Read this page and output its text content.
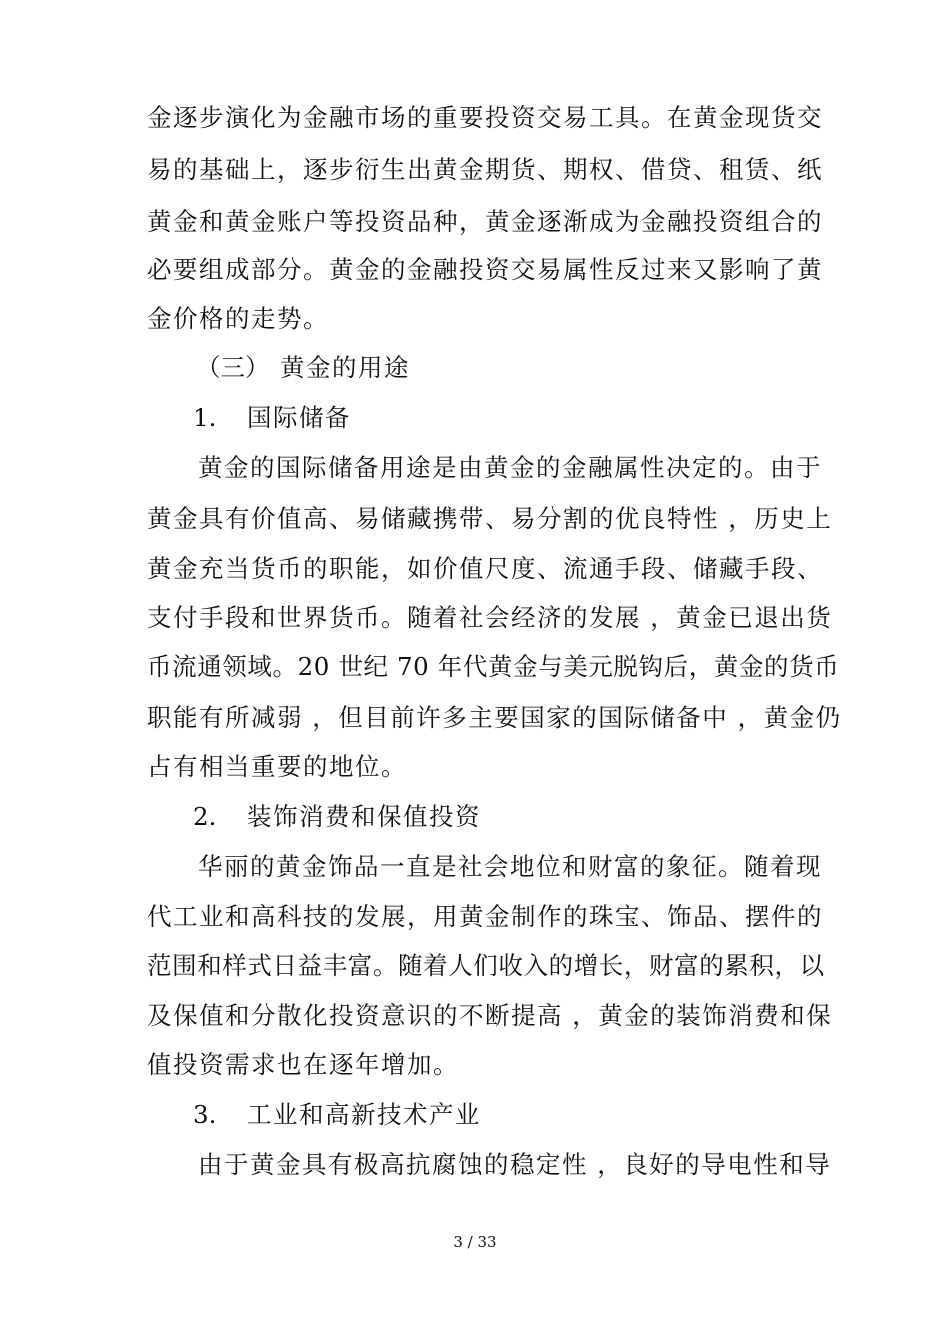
金逐步演化为金融市场的重要投资交易工具。在黄金现货交
易的基础上，逐步衍生出黄金期货、期权、借贷、租赁、纸
黄金和黄金账户等投资品种，黄金逐渐成为金融投资组合的
必要组成部分。黄金的金融投资交易属性反过来又影响了黄
金价格的走势。
（三） 黄金的用途
1. 国际储备
黄金的国际储备用途是由黄金的金融属性决定的。由于
黄金具有价值高、易储藏携带、易分割的优良特性 ，历史上
黄金充当货币的职能，如价值尺度、流通手段、储藏手段、
支付手段和世界货币。随着社会经济的发展 ，黄金已退出货
币流通领域。20 世纪 70 年代黄金与美元脱钩后，黄金的货币
职能有所减弱 ，但目前许多主要国家的国际储备中 ，黄金仍
占有相当重要的地位。
2. 装饰消费和保值投资
华丽的黄金饰品一直是社会地位和财富的象征。随着现
代工业和高科技的发展，用黄金制作的珠宝、饰品、摆件的
范围和样式日益丰富。随着人们收入的增长，财富的累积，以
及保值和分散化投资意识的不断提高 ，黄金的装饰消费和保
值投资需求也在逐年增加。
3. 工业和高新技术产业
由于黄金具有极高抗腐蚀的稳定性 ，良好的导电性和导
3 / 33
